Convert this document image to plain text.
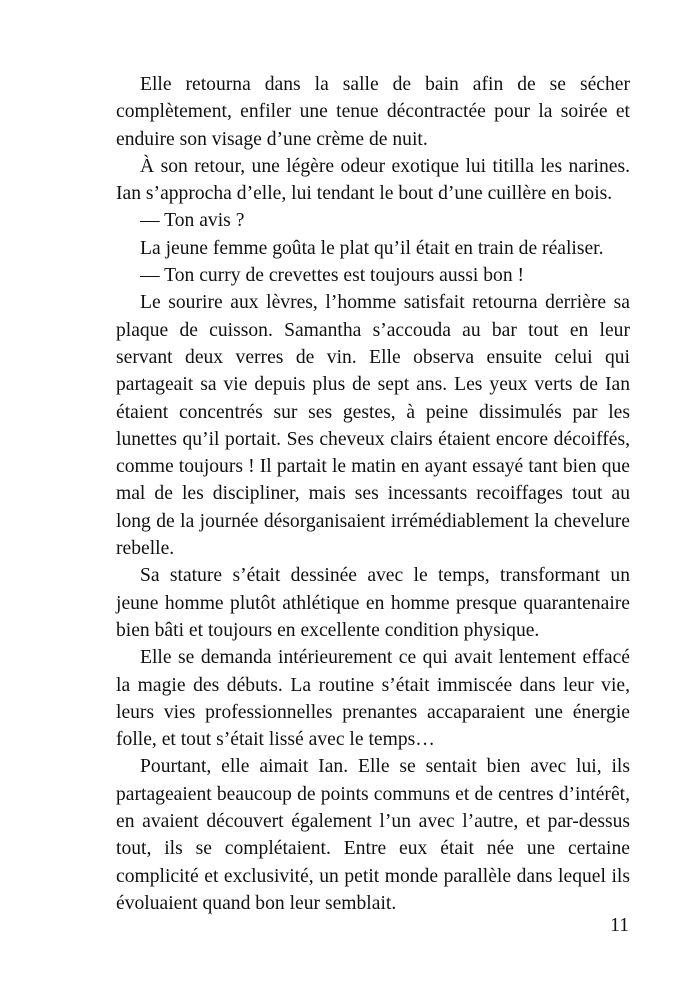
Elle retourna dans la salle de bain afin de se sécher complètement, enfiler une tenue décontractée pour la soirée et enduire son visage d’une crème de nuit.

À son retour, une légère odeur exotique lui titilla les narines. Ian s’approcha d’elle, lui tendant le bout d’une cuillère en bois.

— Ton avis ?

La jeune femme goûta le plat qu’il était en train de réaliser.

— Ton curry de crevettes est toujours aussi bon !

Le sourire aux lèvres, l’homme satisfait retourna derrière sa plaque de cuisson. Samantha s’accouda au bar tout en leur servant deux verres de vin. Elle observa ensuite celui qui partageait sa vie depuis plus de sept ans. Les yeux verts de Ian étaient concentrés sur ses gestes, à peine dissimulés par les lunettes qu’il portait. Ses cheveux clairs étaient encore décoiffés, comme toujours ! Il partait le matin en ayant essayé tant bien que mal de les discipliner, mais ses incessants recoiffages tout au long de la journée désorganisaient irrémédiablement la chevelure rebelle.

Sa stature s’était dessinée avec le temps, transformant un jeune homme plutôt athlétique en homme presque quarantenaire bien bâti et toujours en excellente condition physique.

Elle se demanda intérieurement ce qui avait lentement effacé la magie des débuts. La routine s’était immiscée dans leur vie, leurs vies professionnelles prenantes accaparaient une énergie folle, et tout s’était lissé avec le temps…

Pourtant, elle aimait Ian. Elle se sentait bien avec lui, ils partageaient beaucoup de points communs et de centres d’intérêt, en avaient découvert également l’un avec l’autre, et par-dessus tout, ils se complétaient. Entre eux était née une certaine complicité et exclusivité, un petit monde parallèle dans lequel ils évoluaient quand bon leur semblait.

11
